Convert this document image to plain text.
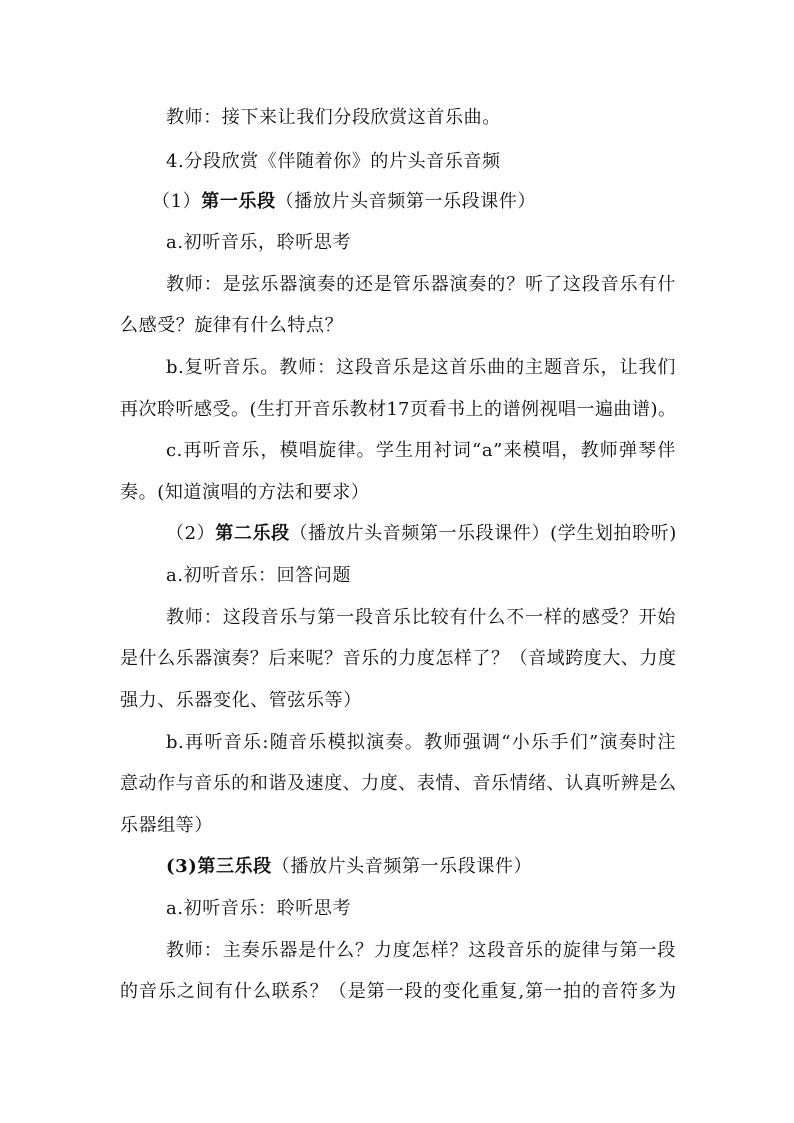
教师：接下来让我们分段欣赏这首乐曲。
4.分段欣赏《伴随着你》的片头音乐音频
（1）第一乐段（播放片头音频第一乐段课件）
a.初听音乐，聆听思考
教师：是弦乐器演奏的还是管乐器演奏的？听了这段音乐有什
么感受？旋律有什么特点？
b.复听音乐。教师：这段音乐是这首乐曲的主题音乐，让我们
再次聆听感受。(生打开音乐教材17页看书上的谱例视唱一遍曲谱)。
c.再听音乐，模唱旋律。学生用衬词“a”来模唱，教师弹琴伴
奏。(知道演唱的方法和要求）
（2）第二乐段（播放片头音频第一乐段课件）(学生划拍聆听)
a.初听音乐：回答问题
教师：这段音乐与第一段音乐比较有什么不一样的感受？开始
是什么乐器演奏？后来呢？音乐的力度怎样了？（音域跨度大、力度
强力、乐器变化、管弦乐等）
b.再听音乐:随音乐模拟演奏。教师强调“小乐手们”演奏时注
意动作与音乐的和谐及速度、力度、表情、音乐情绪、认真听辨是么
乐器组等）
(3)第三乐段（播放片头音频第一乐段课件）
a.初听音乐：聆听思考
教师：主奏乐器是什么？力度怎样？这段音乐的旋律与第一段
的音乐之间有什么联系？（是第一段的变化重复,第一拍的音符多为
